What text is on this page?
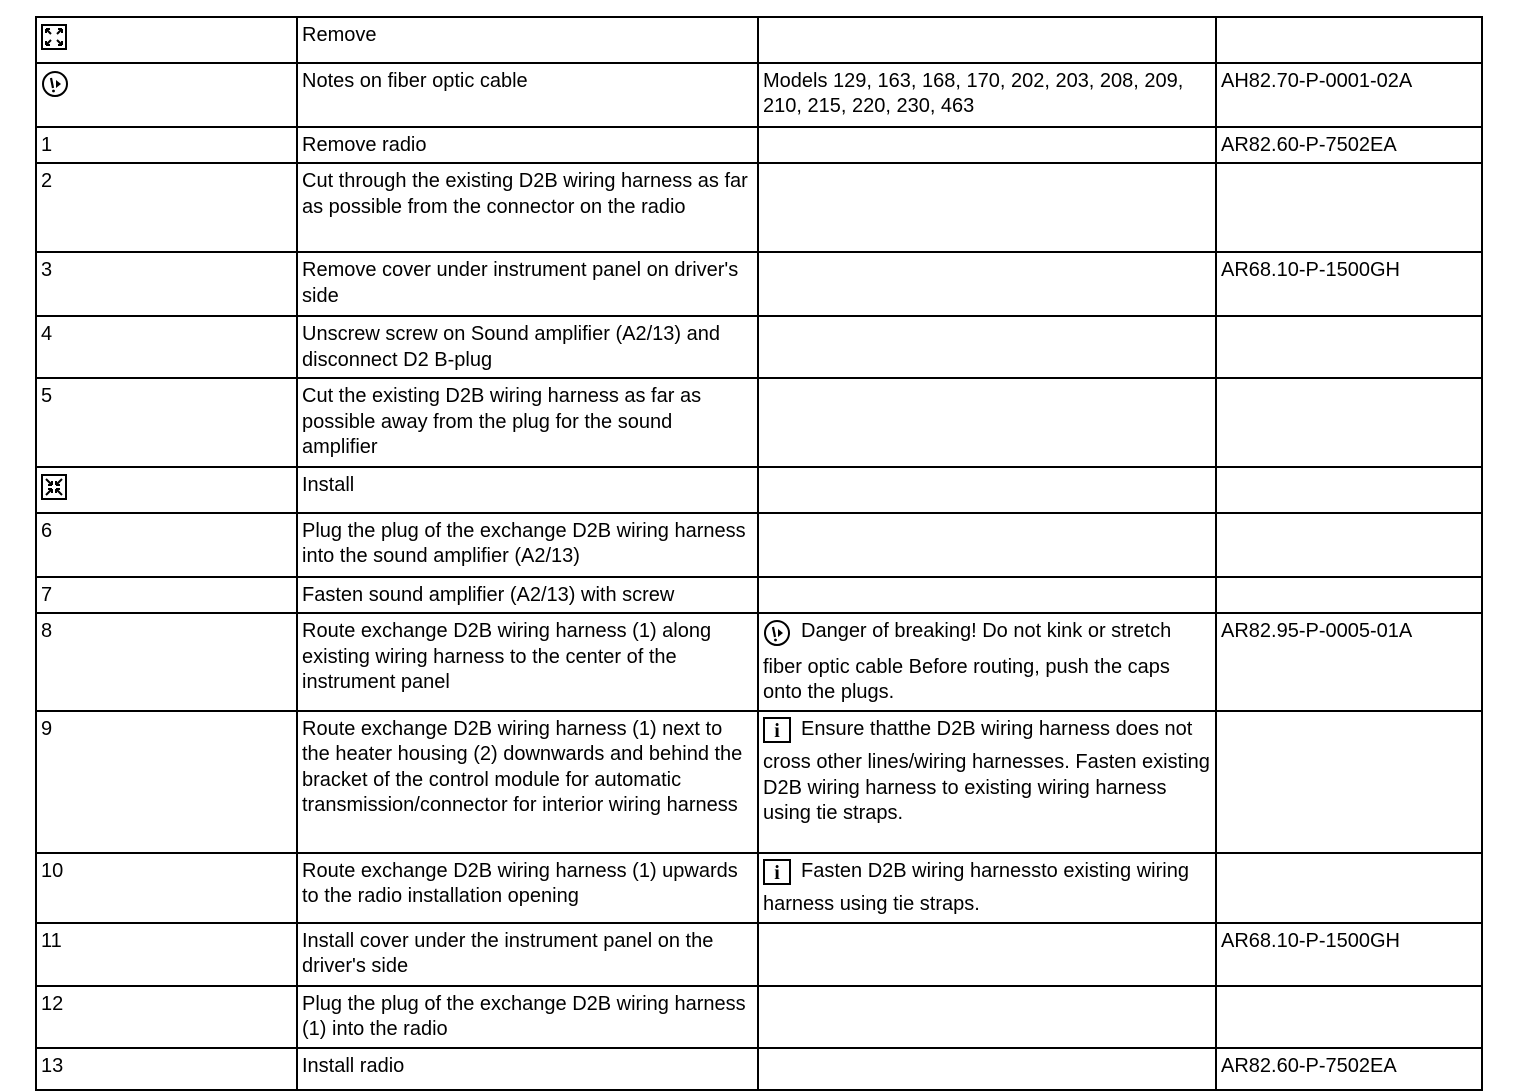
	Remove		
	Notes on fiber optic cable	Models 129, 163, 168, 170, 202, 203, 208, 209, 210, 215, 220, 230, 463	AH82.70-P-0001-02A
1	Remove radio		AR82.60-P-7502EA
2	Cut through the existing D2B wiring harness as far as possible from the connector on the radio		
3	Remove cover under instrument panel on driver's side		AR68.10-P-1500GH
4	Unscrew screw on Sound amplifier (A2/13) and disconnect D2 B-plug		
5	Cut the existing D2B wiring harness as far as possible away from the plug for the sound amplifier		
	Install		
6	Plug the plug of the exchange D2B wiring harness into the sound amplifier (A2/13)		
7	Fasten sound amplifier (A2/13) with screw		
8	Route exchange D2B wiring harness (1) along existing wiring harness to the center of the instrument panel	Danger of breaking! Do not kink or stretch fiber optic cable Before routing, push the caps onto the plugs.	AR82.95-P-0005-01A
9	Route exchange D2B wiring harness (1) next to the heater housing (2) downwards and behind the bracket of the control module for automatic transmission/connector for interior wiring harness	i Ensure thatthe D2B wiring harness does not cross other lines/wiring harnesses. Fasten existing D2B wiring harness to existing wiring harness using tie straps.	
10	Route exchange D2B wiring harness (1) upwards to the radio installation opening	i Fasten D2B wiring harnessto existing wiring harness using tie straps.	
11	Install cover under the instrument panel on the driver's side		AR68.10-P-1500GH
12	Plug the plug of the exchange D2B wiring harness (1) into the radio		
13	Install radio		AR82.60-P-7502EA
